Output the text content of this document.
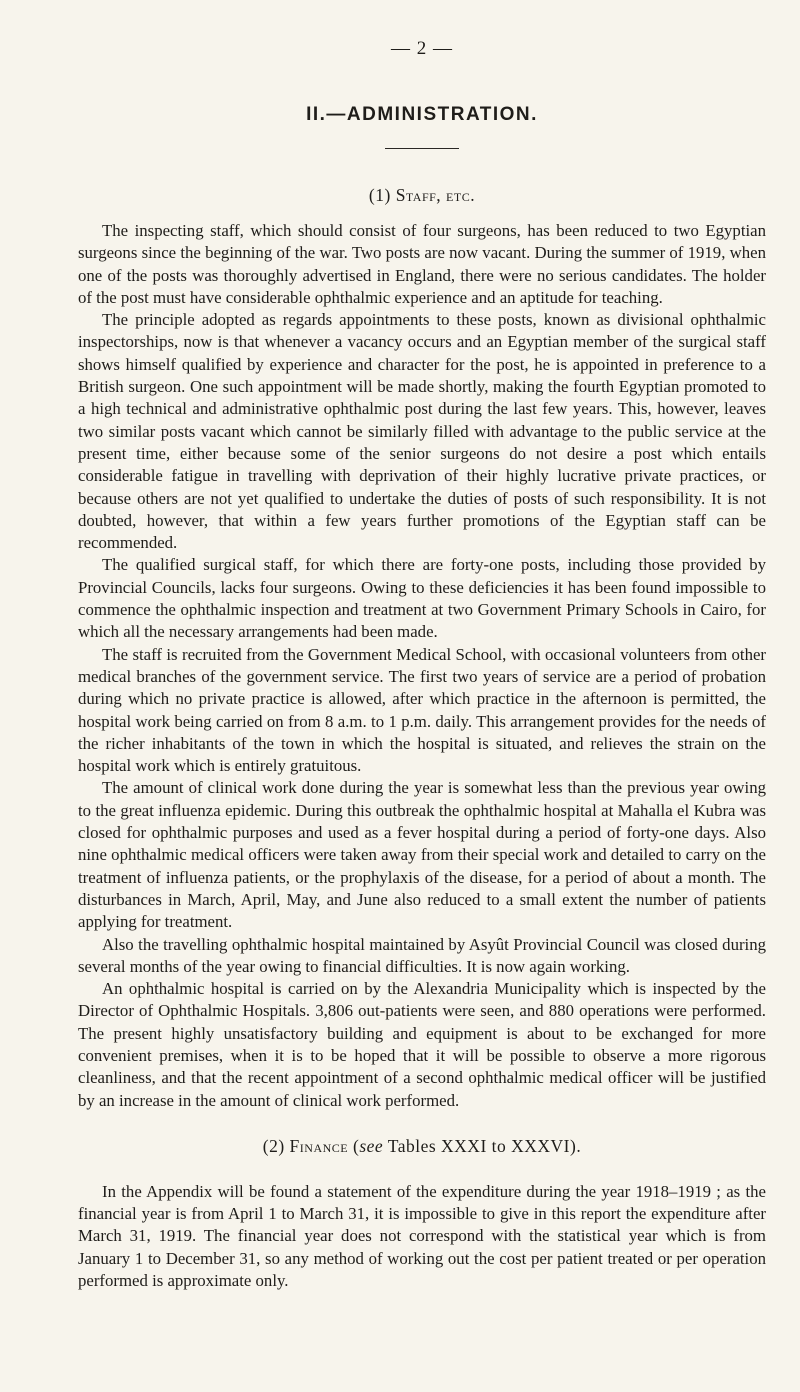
— 2 —
II.—ADMINISTRATION.
(1) Staff, etc.

The inspecting staff, which should consist of four surgeons, has been reduced to two Egyptian surgeons since the beginning of the war. Two posts are now vacant. During the summer of 1919, when one of the posts was thoroughly advertised in England, there were no serious candidates. The holder of the post must have considerable ophthalmic experience and an aptitude for teaching.

The principle adopted as regards appointments to these posts, known as divisional ophthalmic inspectorships, now is that whenever a vacancy occurs and an Egyptian member of the surgical staff shows himself qualified by experience and character for the post, he is appointed in preference to a British surgeon. One such appointment will be made shortly, making the fourth Egyptian promoted to a high technical and administrative ophthalmic post during the last few years. This, however, leaves two similar posts vacant which cannot be similarly filled with advantage to the public service at the present time, either because some of the senior surgeons do not desire a post which entails considerable fatigue in travelling with deprivation of their highly lucrative private practices, or because others are not yet qualified to undertake the duties of posts of such responsibility. It is not doubted, however, that within a few years further promotions of the Egyptian staff can be recommended.

The qualified surgical staff, for which there are forty-one posts, including those provided by Provincial Councils, lacks four surgeons. Owing to these deficiencies it has been found impossible to commence the ophthalmic inspection and treatment at two Government Primary Schools in Cairo, for which all the necessary arrangements had been made.

The staff is recruited from the Government Medical School, with occasional volunteers from other medical branches of the government service. The first two years of service are a period of probation during which no private practice is allowed, after which practice in the afternoon is permitted, the hospital work being carried on from 8 a.m. to 1 p.m. daily. This arrangement provides for the needs of the richer inhabitants of the town in which the hospital is situated, and relieves the strain on the hospital work which is entirely gratuitous.

The amount of clinical work done during the year is somewhat less than the previous year owing to the great influenza epidemic. During this outbreak the ophthalmic hospital at Mahalla el Kubra was closed for ophthalmic purposes and used as a fever hospital during a period of forty-one days. Also nine ophthalmic medical officers were taken away from their special work and detailed to carry on the treatment of influenza patients, or the prophylaxis of the disease, for a period of about a month. The disturbances in March, April, May, and June also reduced to a small extent the number of patients applying for treatment.

Also the travelling ophthalmic hospital maintained by Asyût Provincial Council was closed during several months of the year owing to financial difficulties. It is now again working.

An ophthalmic hospital is carried on by the Alexandria Municipality which is inspected by the Director of Ophthalmic Hospitals. 3,806 out-patients were seen, and 880 operations were performed. The present highly unsatisfactory building and equipment is about to be exchanged for more convenient premises, when it is to be hoped that it will be possible to observe a more rigorous cleanliness, and that the recent appointment of a second ophthalmic medical officer will be justified by an increase in the amount of clinical work performed.

(2) Finance (see Tables XXXI to XXXVI).

In the Appendix will be found a statement of the expenditure during the year 1918–1919 ; as the financial year is from April 1 to March 31, it is impossible to give in this report the expenditure after March 31, 1919. The financial year does not correspond with the statistical year which is from January 1 to December 31, so any method of working out the cost per patient treated or per operation performed is approximate only.
